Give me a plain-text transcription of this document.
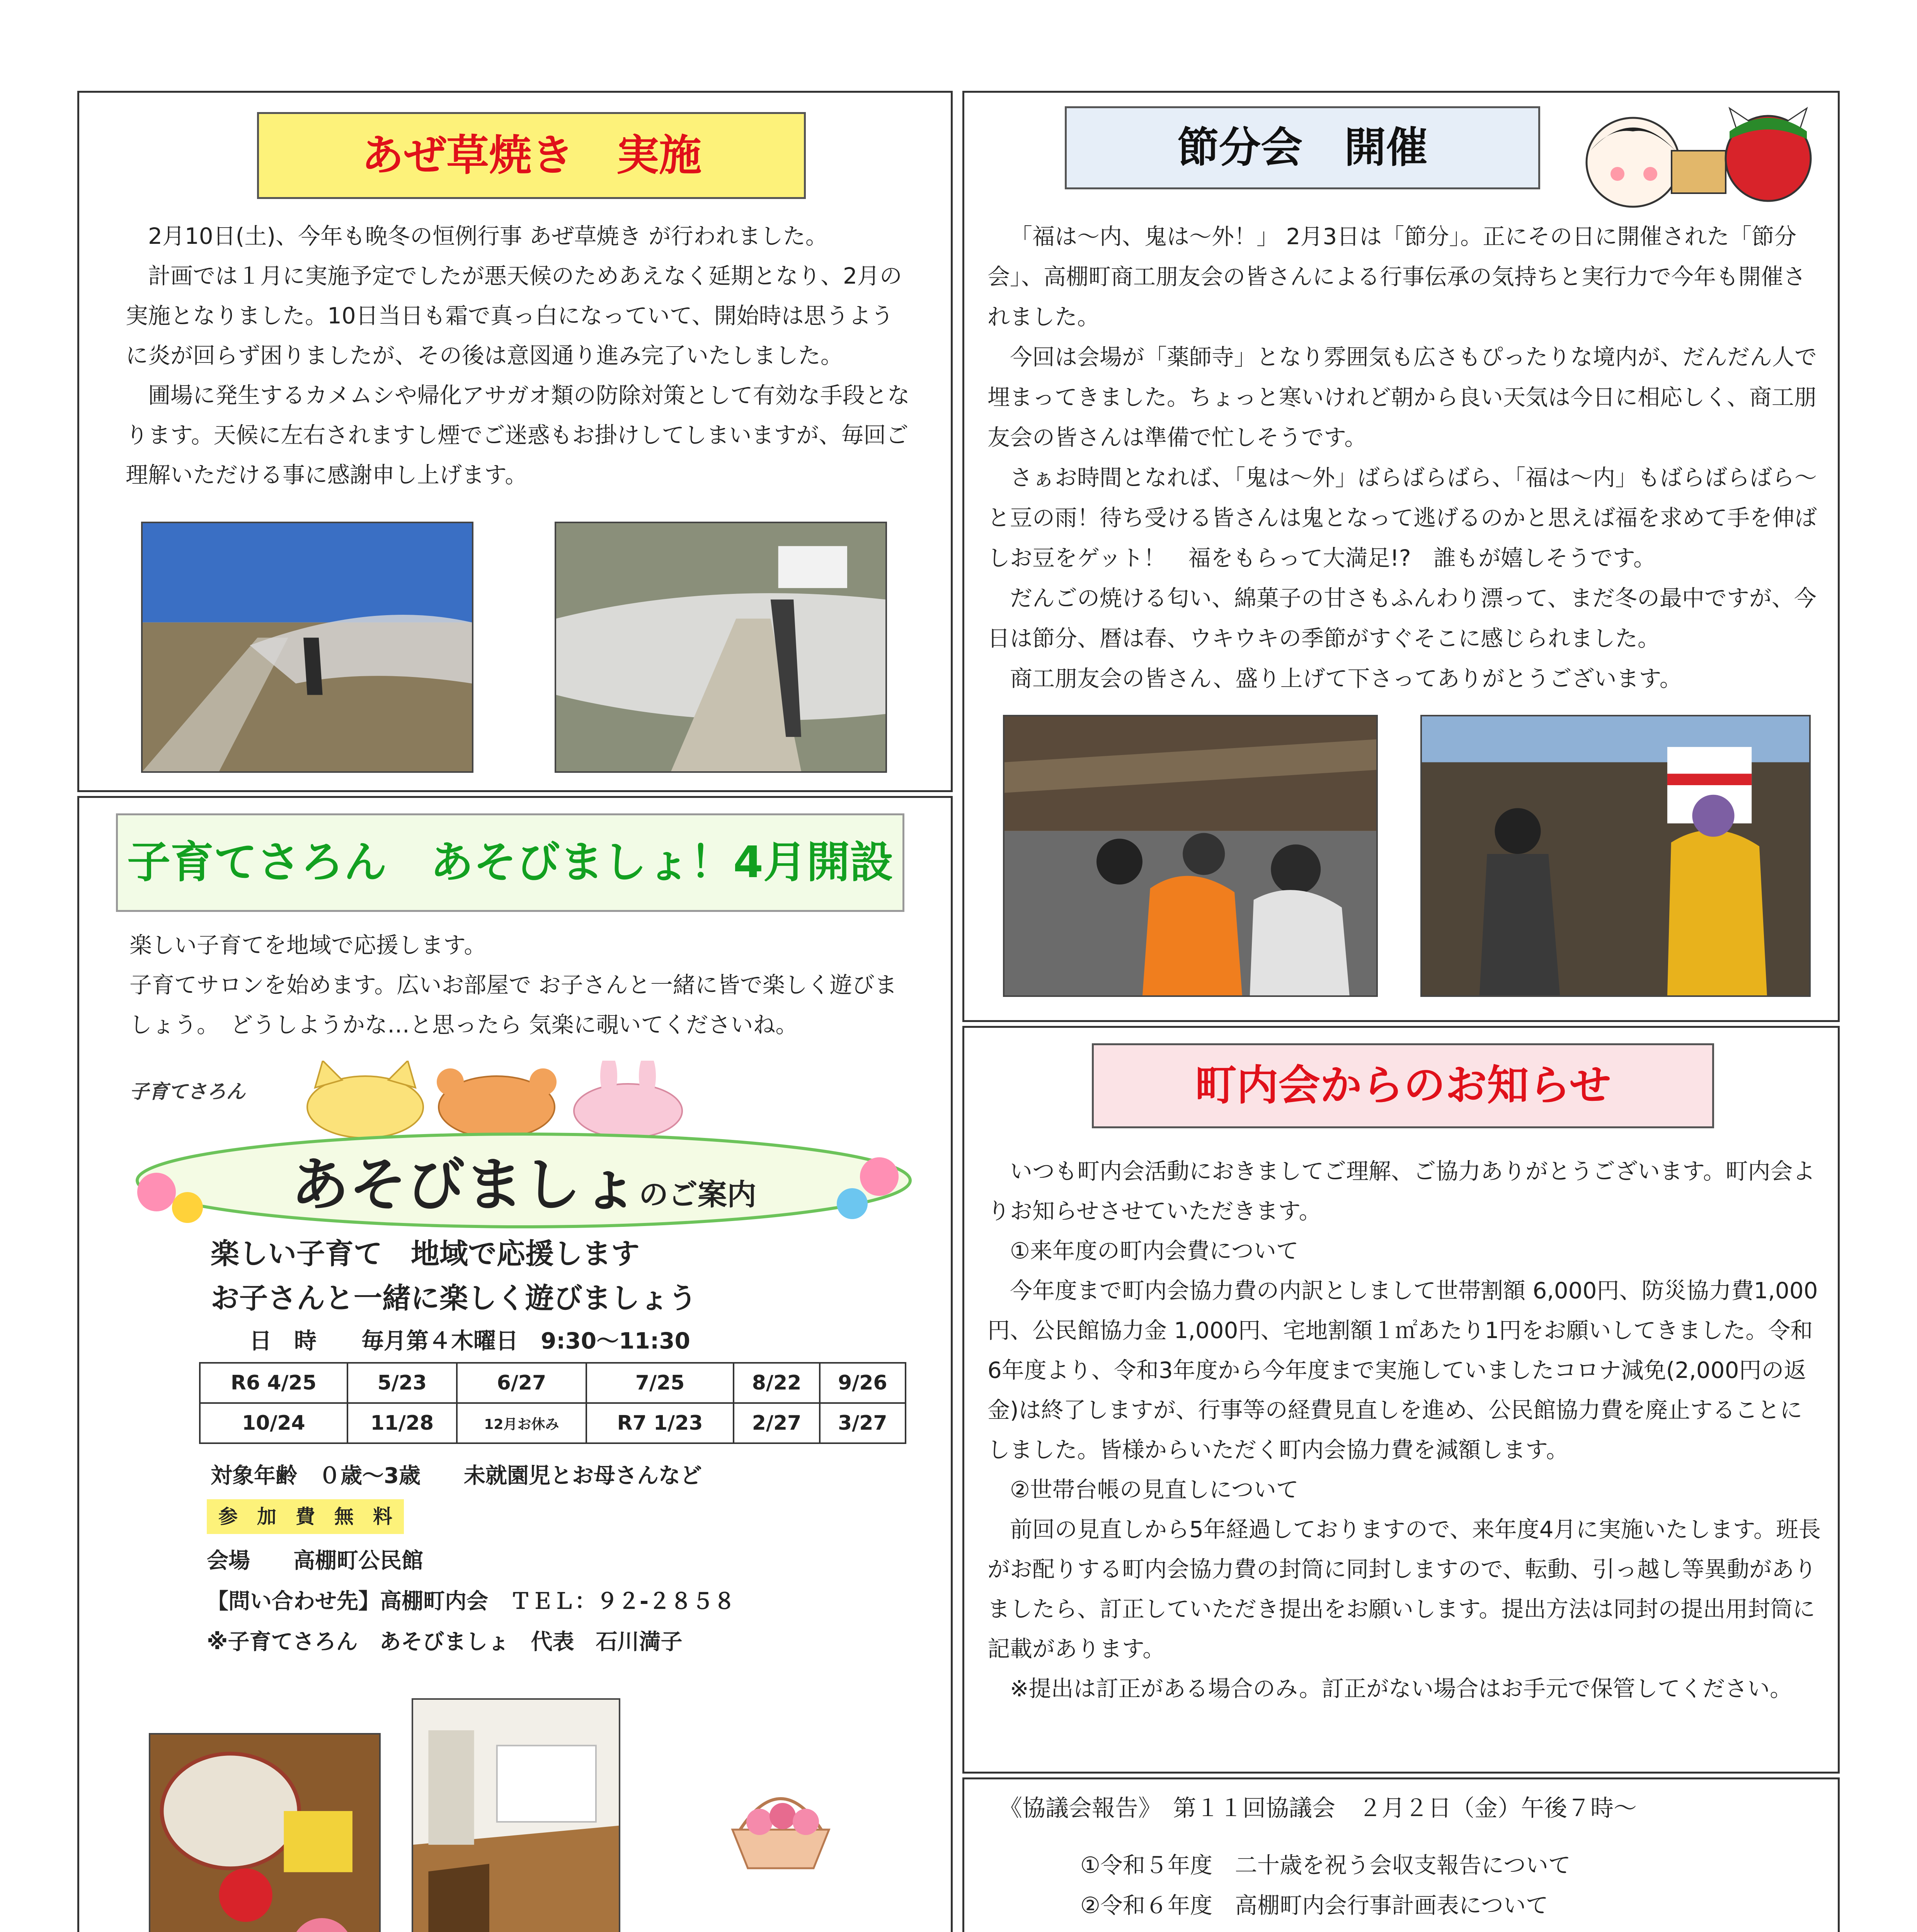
あぜ草焼き　実施

2月10日(土)、今年も晩冬の恒例行事 あぜ草焼き が行われました。

計画では１月に実施予定でしたが悪天候のためあえなく延期となり、2月の実施となりました。10日当日も霜で真っ白になっていて、開始時は思うように炎が回らず困りましたが、その後は意図通り進み完了いたしました。

圃場に発生するカメムシや帰化アサガオ類の防除対策として有効な手段となります。天候に左右されますし煙でご迷惑もお掛けしてしまいますが、毎回ご理解いただける事に感謝申し上げます。

節分会　開催

「福は～内、鬼は～外！」 2月3日は「節分」。正にその日に開催された「節分会」、高棚町商工朋友会の皆さんによる行事伝承の気持ちと実行力で今年も開催されました。

今回は会場が「薬師寺」となり雰囲気も広さもぴったりな境内が、だんだん人で埋まってきました。ちょっと寒いけれど朝から良い天気は今日に相応しく、商工朋友会の皆さんは準備で忙しそうです。

さぁお時間となれば、「鬼は～外」ばらばらばら、「福は～内」もばらばらばら～と豆の雨！待ち受ける皆さんは鬼となって逃げるのかと思えば福を求めて手を伸ばしお豆をゲット！　福をもらって大満足!?　誰もが嬉しそうです。

だんごの焼ける匂い、綿菓子の甘さもふんわり漂って、まだ冬の最中ですが、今日は節分、暦は春、ウキウキの季節がすぐそこに感じられました。

商工朋友会の皆さん、盛り上げて下さってありがとうございます。

子育てさろん　あそびましょ！4月開設

楽しい子育てを地域で応援します。

子育てサロンを始めます。広いお部屋で お子さんと一緒に皆で楽しく遊びましょう。　どうしようかな…と思ったら 気楽に覗いてくださいね。

子育てさろん
あそびましょのご案内
楽しい子育て　地域で応援します
お子さんと一緒に楽しく遊びましょう
日　時　　毎月第４木曜日　9:30～11:30
R6 4/25	5/23	6/27	7/25	8/22	9/26
10/24	11/28	12月お休み	R7 1/23	2/27	3/27
対象年齢　０歳～3歳　　未就園児とお母さんなど
参　加　費　無　料
会場　　高棚町公民館
【問い合わせ先】高棚町内会　ＴＥＬ：９２-２８５８
※子育てさろん　あそびましょ　代表　石川満子

町内会からのお知らせ

いつも町内会活動におきましてご理解、ご協力ありがとうございます。町内会よりお知らせさせていただきます。

①来年度の町内会費について

今年度まで町内会協力費の内訳としまして世帯割額 6,000円、防災協力費1,000円、公民館協力金 1,000円、宅地割額１㎡あたり1円をお願いしてきました。令和6年度より、令和3年度から今年度まで実施していましたコロナ減免(2,000円の返金)は終了しますが、行事等の経費見直しを進め、公民館協力費を廃止することにしました。皆様からいただく町内会協力費を減額します。

②世帯台帳の見直しについて

前回の見直しから5年経過しておりますので、来年度4月に実施いたします。班長がお配りする町内会協力費の封筒に同封しますので、転動、引っ越し等異動がありましたら、訂正していただき提出をお願いします。提出方法は同封の提出用封筒に記載があります。

※提出は訂正がある場合のみ。訂正がない場合はお手元で保管してください。

《協議会報告》　第１１回協議会　２月２日（金）午後７時～
①令和５年度　二十歳を祝う会収支報告について
②令和６年度　高棚町内会行事計画表について
